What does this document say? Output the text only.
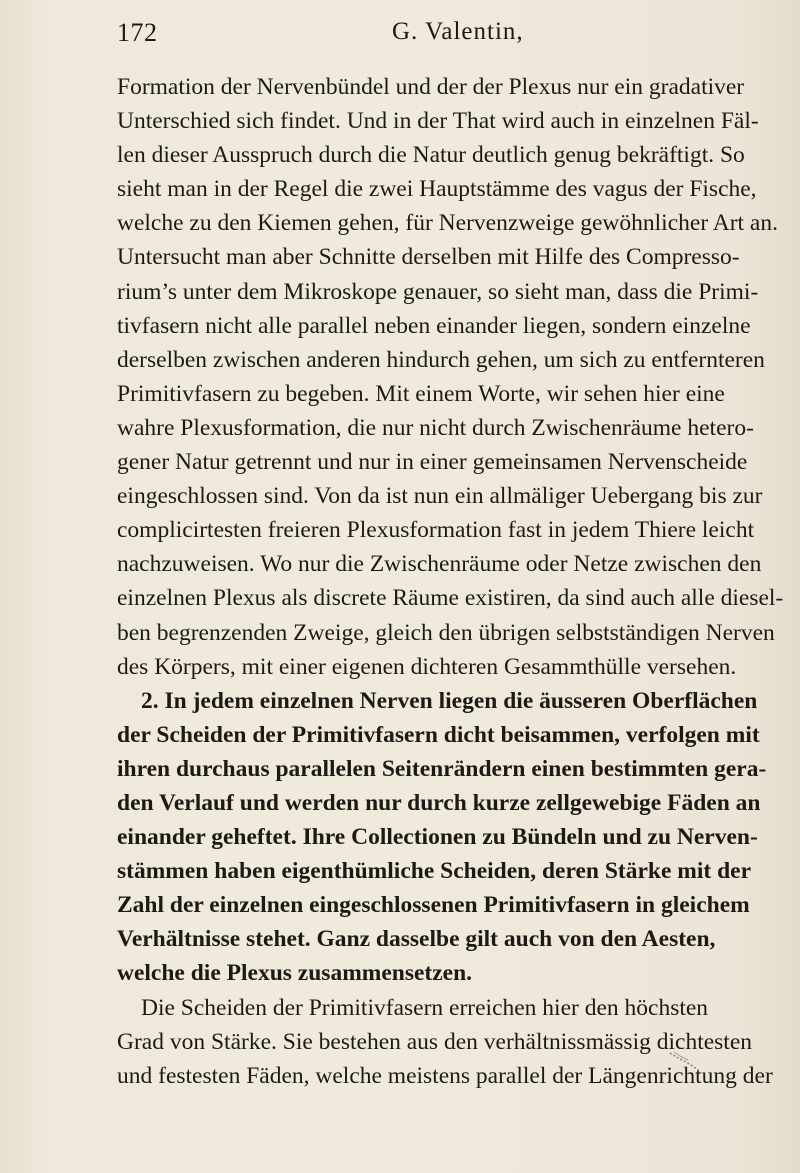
172	G. Valentin,

Formation der Nervenbündel und der der Plexus nur ein gradativer
Unterschied sich findet. Und in der That wird auch in einzelnen Fäl-
len dieser Ausspruch durch die Natur deutlich genug bekräftigt. So
sieht man in der Regel die zwei Hauptstämme des vagus der Fische,
welche zu den Kiemen gehen, für Nervenzweige gewöhnlicher Art an.
Untersucht man aber Schnitte derselben mit Hilfe des Compresso-
rium’s unter dem Mikroskope genauer, so sieht man, dass die Primi-
tivfasern nicht alle parallel neben einander liegen, sondern einzelne
derselben zwischen anderen hindurch gehen, um sich zu entfernteren
Primitivfasern zu begeben. Mit einem Worte, wir sehen hier eine
wahre Plexusformation, die nur nicht durch Zwischenräume hetero-
gener Natur getrennt und nur in einer gemeinsamen Nervenscheide
eingeschlossen sind. Von da ist nun ein allmäliger Uebergang bis zur
complicirtesten freieren Plexusformation fast in jedem Thiere leicht
nachzuweisen. Wo nur die Zwischenräume oder Netze zwischen den
einzelnen Plexus als discrete Räume existiren, da sind auch alle diesel-
ben begrenzenden Zweige, gleich den übrigen selbstständigen Nerven
des Körpers, mit einer eigenen dichteren Gesammthülle versehen.

2. In jedem einzelnen Nerven liegen die äusseren Oberflächen
der Scheiden der Primitivfasern dicht beisammen, verfolgen mit
ihren durchaus parallelen Seitenrändern einen bestimmten gera-
den Verlauf und werden nur durch kurze zellgewebige Fäden an
einander geheftet. Ihre Collectionen zu Bündeln und zu Nerven-
stämmen haben eigenthümliche Scheiden, deren Stärke mit der
Zahl der einzelnen eingeschlossenen Primitivfasern in gleichem
Verhältnisse stehet. Ganz dasselbe gilt auch von den Aesten,
welche die Plexus zusammensetzen.

Die Scheiden der Primitivfasern erreichen hier den höchsten
Grad von Stärke. Sie bestehen aus den verhältnissmässig dichtesten
und festesten Fäden, welche meistens parallel der Längenrichtung der
